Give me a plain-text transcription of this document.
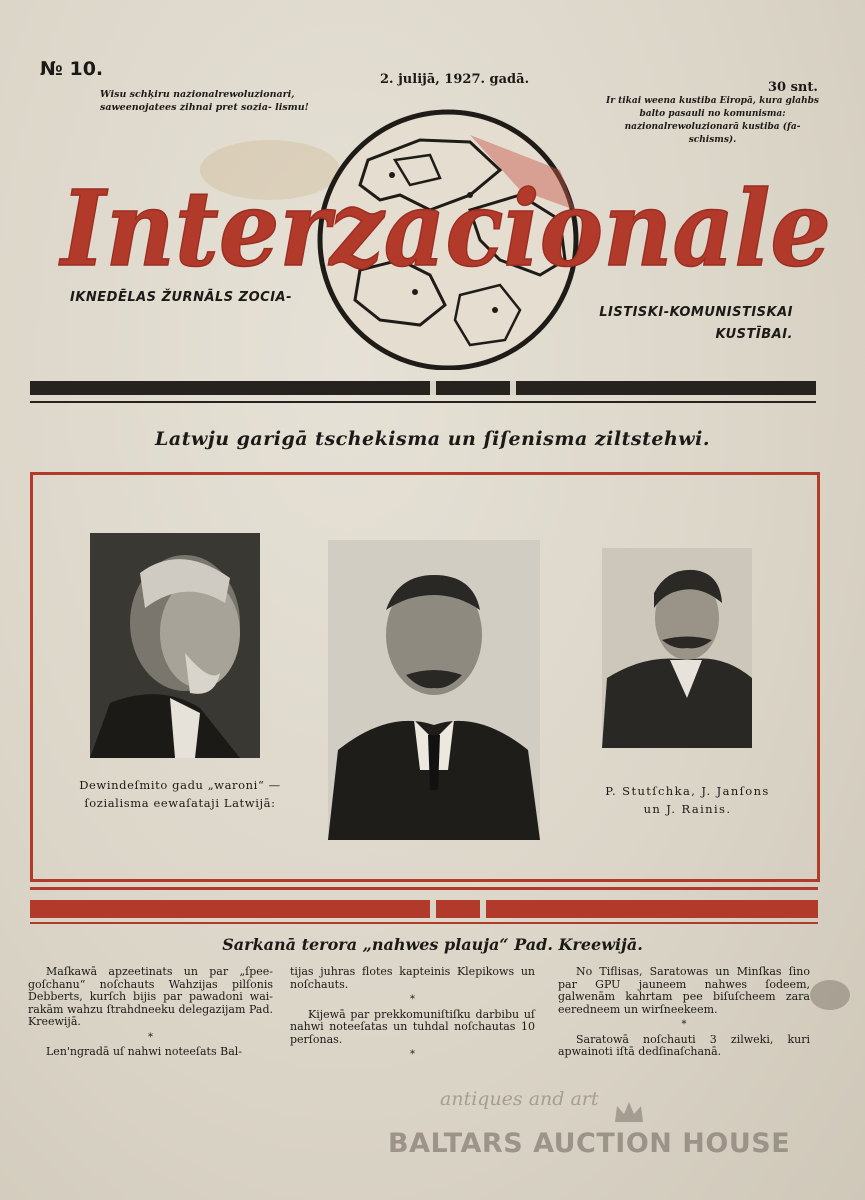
№ 10.	2. julijā, 1927. gadā.
30 snt.
Wisu schķiru nazionalrewoluzionari, saweenojatees zihnai pret sozia- lismu!
Ir tikai weena kustiba Eiropā, kura glahbs balto pasauli no komunisma: nazionalrewoluzionarā kustiba (fa- schisms).
Interzacionale
IKNEDĒLAS ŽURNĀLS ZOCIA-
LISTISKI-KOMUNISTISKAI
KUSTĪBAI.
Latwju garigā tschekisma un ſiſenisma ziltstehwi.
Dewindeſmito gadu „waroni“ —
ſozialisma eewaſataji Latwijā:
P. Stutſchka, J. Janſons
un J. Rainis.
Sarkanā terora „nahwes plauja“ Pad. Kreewijā.

Maſkawā apzeetinats un par „ſpee- goſchanu“ noſchauts Wahzijas pilſonis Debberts, kurſch bijis par pawadoni wai- rakām wahzu ſtrahdneeku delegazijam Pad. Kreewijā.

*

Len'ngradā uſ nahwi noteeſats Bal-

tijas juhras flotes kapteinis Klepikows un noſchauts.

*

Kijewā par prekkomuniſtiſku darbibu uſ nahwi noteeſatas un tuhdal noſchautas 10 perſonas.

*

No Tiflisas, Saratowas un Minſkas ſino par GPU jauneem nahwes ſodeem, galwenām kahrtam pee biſuſcheem zara eeredneem un wirſneekeem.

*

Saratowā noſchauti 3 zilweki, kuri apwainoti iſtā dedſinaſchanā.

antiques and art
BALTARS AUCTION HOUSE
